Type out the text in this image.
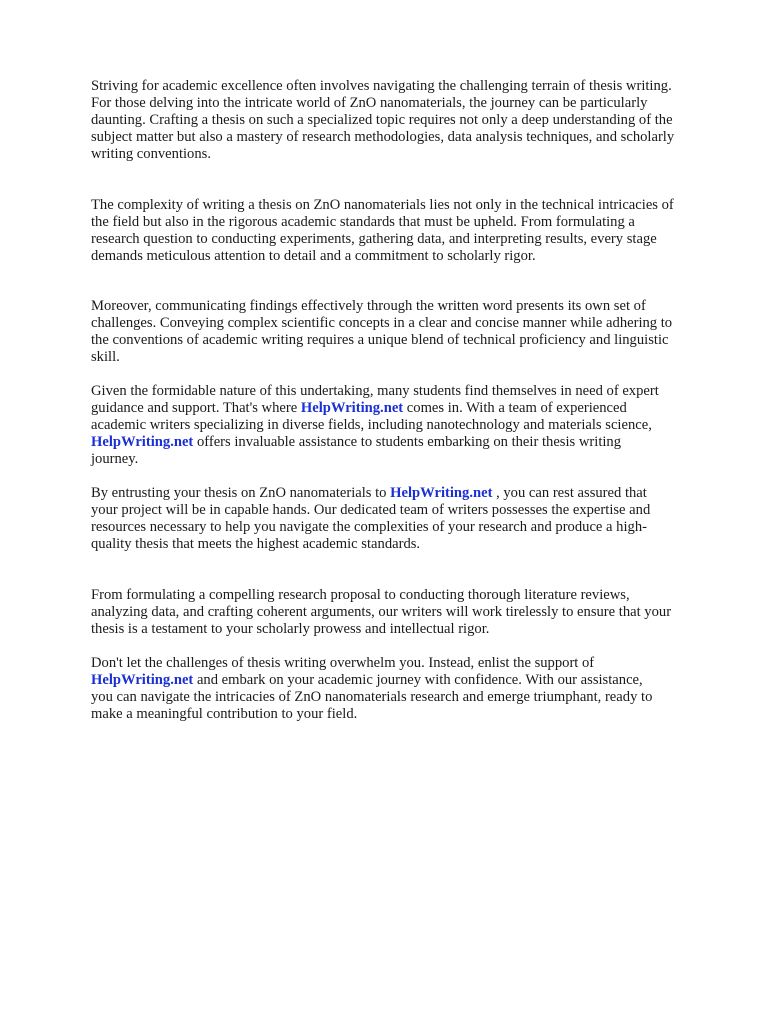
Striving for academic excellence often involves navigating the challenging terrain of thesis writing.
For those delving into the intricate world of ZnO nanomaterials, the journey can be particularly
daunting. Crafting a thesis on such a specialized topic requires not only a deep understanding of the
subject matter but also a mastery of research methodologies, data analysis techniques, and scholarly
writing conventions.

The complexity of writing a thesis on ZnO nanomaterials lies not only in the technical intricacies of
the field but also in the rigorous academic standards that must be upheld. From formulating a
research question to conducting experiments, gathering data, and interpreting results, every stage
demands meticulous attention to detail and a commitment to scholarly rigor.

Moreover, communicating findings effectively through the written word presents its own set of
challenges. Conveying complex scientific concepts in a clear and concise manner while adhering to
the conventions of academic writing requires a unique blend of technical proficiency and linguistic
skill.

Given the formidable nature of this undertaking, many students find themselves in need of expert
guidance and support. That's where HelpWriting.net comes in. With a team of experienced
academic writers specializing in diverse fields, including nanotechnology and materials science,
HelpWriting.net offers invaluable assistance to students embarking on their thesis writing
journey.

By entrusting your thesis on ZnO nanomaterials to HelpWriting.net , you can rest assured that
your project will be in capable hands. Our dedicated team of writers possesses the expertise and
resources necessary to help you navigate the complexities of your research and produce a high-
quality thesis that meets the highest academic standards.

From formulating a compelling research proposal to conducting thorough literature reviews,
analyzing data, and crafting coherent arguments, our writers will work tirelessly to ensure that your
thesis is a testament to your scholarly prowess and intellectual rigor.

Don't let the challenges of thesis writing overwhelm you. Instead, enlist the support of
HelpWriting.net and embark on your academic journey with confidence. With our assistance,
you can navigate the intricacies of ZnO nanomaterials research and emerge triumphant, ready to
make a meaningful contribution to your field.
